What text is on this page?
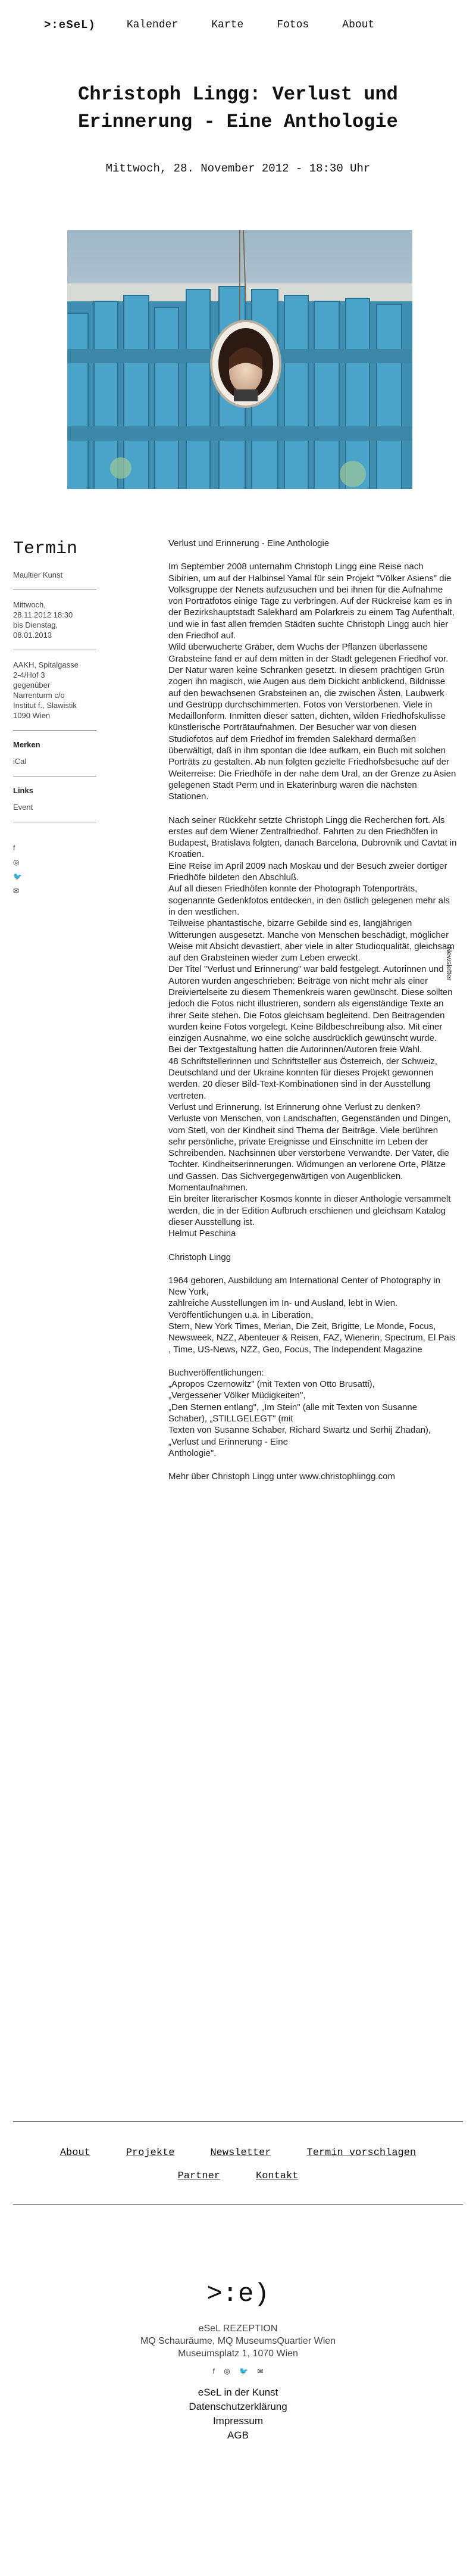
>:eSeL)	Kalender	Karte	Fotos	About
Christoph Lingg: Verlust und
Erinnerung - Eine Anthologie
Mittwoch, 28. November 2012 - 18:30 Uhr
Termin
Maultier Kunst
Mittwoch,
28.11.2012 18:30
bis Dienstag,
08.01.2013
AAKH, Spitalgasse
2-4/Hof 3
gegenüber
Narrenturm c/o
Institut f., Slawistik
1090 Wien
Merken
iCal
Links
Event
f
◎
🐦
✉

Verlust und Erinnerung - Eine Anthologie

Im September 2008 unternahm Christoph Lingg eine Reise nach Sibirien, um auf der Halbinsel Yamal für sein Projekt "Völker Asiens" die Volksgruppe der Nenets aufzusuchen und bei ihnen für die Aufnahme von Porträtfotos einige Tage zu verbringen. Auf der Rückreise kam es in der Bezirkshauptstadt Salekhard am Polarkreis zu einem Tag Aufenthalt, und wie in fast allen fremden Städten suchte Christoph Lingg auch hier den Friedhof auf.
Wild überwucherte Gräber, dem Wuchs der Pflanzen überlassene Grabsteine fand er auf dem mitten in der Stadt gelegenen Friedhof vor. Der Natur waren keine Schranken gesetzt. In diesem prächtigen Grün zogen ihn magisch, wie Augen aus dem Dickicht anblickend, Bildnisse auf den bewachsenen Grabsteinen an, die zwischen Ästen, Laubwerk und Gestrüpp durchschimmerten. Fotos von Verstorbenen. Viele in Medaillonform. Inmitten dieser satten, dichten, wilden Friedhofskulisse künstlerische Porträtaufnahmen. Der Besucher war von diesen Studiofotos auf dem Friedhof im fremden Salekhard dermaßen überwältigt, daß in ihm spontan die Idee aufkam, ein Buch mit solchen Porträts zu gestalten. Ab nun folgten gezielte Friedhofsbesuche auf der Weiterreise: Die Friedhöfe in der nahe dem Ural, an der Grenze zu Asien gelegenen Stadt Perm und in Ekaterinburg waren die nächsten Stationen.

Nach seiner Rückkehr setzte Christoph Lingg die Recherchen fort. Als erstes auf dem Wiener Zentralfriedhof. Fahrten zu den Friedhöfen in Budapest, Bratislava folgten, danach Barcelona, Dubrovnik und Cavtat in Kroatien.
Eine Reise im April 2009 nach Moskau und der Besuch zweier dortiger Friedhöfe bildeten den Abschluß.
Auf all diesen Friedhöfen konnte der Photograph Totenporträts, sogenannte Gedenkfotos entdecken, in den östlich gelegenen mehr als in den westlichen.
Teilweise phantastische, bizarre Gebilde sind es, langjährigen Witterungen ausgesetzt. Manche von Menschen beschädigt, möglicher Weise mit Absicht devastiert, aber viele in alter Studioqualität, gleichsam auf den Grabsteinen wieder zum Leben erweckt.
Der Titel "Verlust und Erinnerung" war bald festgelegt. Autorinnen und Autoren wurden angeschrieben: Beiträge von nicht mehr als einer Dreiviertelseite zu diesem Themenkreis waren gewünscht. Diese sollten jedoch die Fotos nicht illustrieren, sondern als eigenständige Texte an ihrer Seite stehen. Die Fotos gleichsam begleitend. Den Beitragenden wurden keine Fotos vorgelegt. Keine Bildbeschreibung also. Mit einer einzigen Ausnahme, wo eine solche ausdrücklich gewünscht wurde.
Bei der Textgestaltung hatten die Autorinnen/Autoren freie Wahl.
48 Schriftstellerinnen und Schriftsteller aus Österreich, der Schweiz, Deutschland und der Ukraine konnten für dieses Projekt gewonnen werden. 20 dieser Bild-Text-Kombinationen sind in der Ausstellung vertreten.
Verlust und Erinnerung. Ist Erinnerung ohne Verlust zu denken?
Verluste von Menschen, von Landschaften, Gegenständen und Dingen, vom Stetl, von der Kindheit sind Thema der Beiträge. Viele berühren sehr persönliche, private Ereignisse und Einschnitte im Leben der Schreibenden. Nachsinnen über verstorbene Verwandte. Der Vater, die Tochter. Kindheitserinnerungen. Widmungen an verlorene Orte, Plätze und Gassen. Das Sichvergegenwärtigen von Augenblicken. Momentaufnahmen.
Ein breiter literarischer Kosmos konnte in dieser Anthologie versammelt werden, die in der Edition Aufbruch erschienen und gleichsam Katalog dieser Ausstellung ist.
Helmut Peschina

Christoph Lingg

1964 geboren, Ausbildung am International Center of Photography in New York,
zahlreiche Ausstellungen im In- und Ausland, lebt in Wien.
Veröffentlichungen u.a. in Liberation,
Stern, New York Times, Merian, Die Zeit, Brigitte, Le Monde, Focus, Newsweek, NZZ, Abenteuer & Reisen, FAZ, Wienerin, Spectrum, El Pais , Time, US-News, NZZ, Geo, Focus, The Independent Magazine

Buchveröffentlichungen:
„Apropos Czernowitz" (mit Texten von Otto Brusatti),
„Vergessener Völker Müdigkeiten",
„Den Sternen entlang", „Im Stein" (alle mit Texten von Susanne Schaber), „STILLGELEGT" (mit
Texten von Susanne Schaber, Richard Swartz und Serhij Zhadan), „Verlust und Erinnerung - Eine
Anthologie".

Mehr über Christoph Lingg unter www.christophlingg.com

Newsletter
About	Projekte	Newsletter	Termin vorschlagen
Partner	Kontakt
>:e)
eSeL REZEPTION
MQ Schauräume, MQ MuseumsQuartier Wien
Museumsplatz 1, 1070 Wien
f ◎ 🐦 ✉
eSeL in der Kunst
Datenschutzerklärung
Impressum
AGB
